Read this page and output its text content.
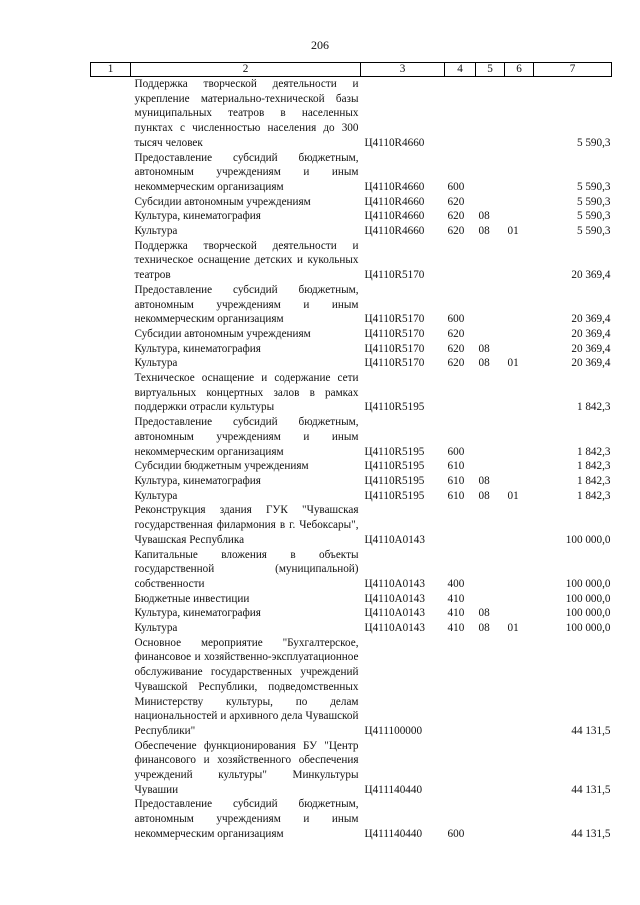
206
1	2	3	4	5	6	7
	Поддержка творческой деятельности и укрепление материально-технической базы муниципальных театров в населенных пунктах с численностью населения до 300 тысяч человек	Ц4110R4660				5 590,3
	Предоставление субсидий бюджетным, автономным учреждениям и иным некоммерческим организациям	Ц4110R4660	600			5 590,3
	Субсидии автономным учреждениям	Ц4110R4660	620			5 590,3
	Культура, кинематография	Ц4110R4660	620	08		5 590,3
	Культура	Ц4110R4660	620	08	01	5 590,3
	Поддержка творческой деятельности и техническое оснащение детских и кукольных театров	Ц4110R5170				20 369,4
	Предоставление субсидий бюджетным, автономным учреждениям и иным некоммерческим организациям	Ц4110R5170	600			20 369,4
	Субсидии автономным учреждениям	Ц4110R5170	620			20 369,4
	Культура, кинематография	Ц4110R5170	620	08		20 369,4
	Культура	Ц4110R5170	620	08	01	20 369,4
	Техническое оснащение и содержание сети виртуальных концертных залов в рамках поддержки отрасли культуры	Ц4110R5195				1 842,3
	Предоставление субсидий бюджетным, автономным учреждениям и иным некоммерческим организациям	Ц4110R5195	600			1 842,3
	Субсидии бюджетным учреждениям	Ц4110R5195	610			1 842,3
	Культура, кинематография	Ц4110R5195	610	08		1 842,3
	Культура	Ц4110R5195	610	08	01	1 842,3
	Реконструкция здания ГУК "Чувашская государственная филармония в г. Чебоксары", Чувашская Республика	Ц4110А0143				100 000,0
	Капитальные вложения в объекты государственной (муниципальной) собственности	Ц4110А0143	400			100 000,0
	Бюджетные инвестиции	Ц4110А0143	410			100 000,0
	Культура, кинематография	Ц4110А0143	410	08		100 000,0
	Культура	Ц4110А0143	410	08	01	100 000,0
	Основное мероприятие "Бухгалтерское, финансовое и хозяйственно-эксплуатационное обслуживание государственных учреждений Чувашской Республики, подведомственных Министерству культуры, по делам национальностей и архивного дела Чувашской Республики"	Ц411100000				44 131,5
	Обеспечение функционирования БУ "Центр финансового и хозяйственного обеспечения учреждений культуры" Минкультуры Чувашии	Ц411140440				44 131,5
	Предоставление субсидий бюджетным, автономным учреждениям и иным некоммерческим организациям	Ц411140440	600			44 131,5
